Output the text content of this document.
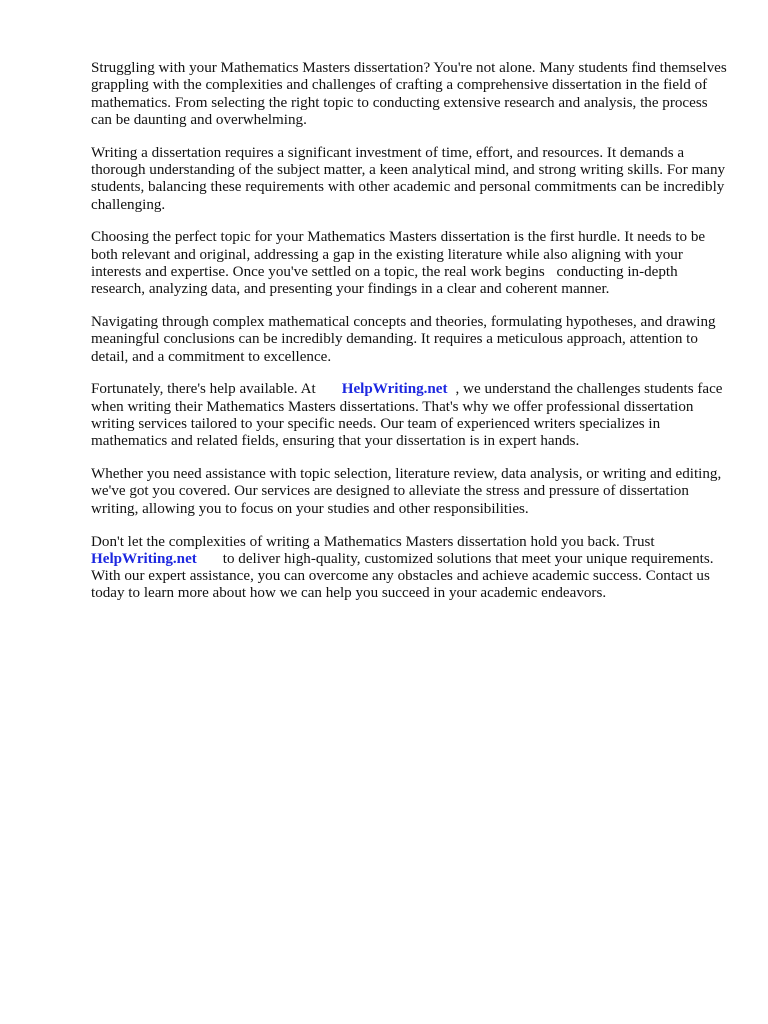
Struggling with your Mathematics Masters dissertation? You're not alone. Many students find themselves grappling with the complexities and challenges of crafting a comprehensive dissertation in the field of mathematics. From selecting the right topic to conducting extensive research and analysis, the process can be daunting and overwhelming.

Writing a dissertation requires a significant investment of time, effort, and resources. It demands a thorough understanding of the subject matter, a keen analytical mind, and strong writing skills. For many students, balancing these requirements with other academic and personal commitments can be incredibly challenging.

Choosing the perfect topic for your Mathematics Masters dissertation is the first hurdle. It needs to be both relevant and original, addressing a gap in the existing literature while also aligning with your interests and expertise. Once you've settled on a topic, the real work begins conducting in-depth research, analyzing data, and presenting your findings in a clear and coherent manner.

Navigating through complex mathematical concepts and theories, formulating hypotheses, and drawing meaningful conclusions can be incredibly demanding. It requires a meticulous approach, attention to detail, and a commitment to excellence.

Fortunately, there's help available. At HelpWriting.net , we understand the challenges students face when writing their Mathematics Masters dissertations. That's why we offer professional dissertation writing services tailored to your specific needs. Our team of experienced writers specializes in mathematics and related fields, ensuring that your dissertation is in expert hands.

Whether you need assistance with topic selection, literature review, data analysis, or writing and editing, we've got you covered. Our services are designed to alleviate the stress and pressure of dissertation writing, allowing you to focus on your studies and other responsibilities.

Don't let the complexities of writing a Mathematics Masters dissertation hold you back. Trust HelpWriting.net to deliver high-quality, customized solutions that meet your unique requirements. With our expert assistance, you can overcome any obstacles and achieve academic success. Contact us today to learn more about how we can help you succeed in your academic endeavors.
